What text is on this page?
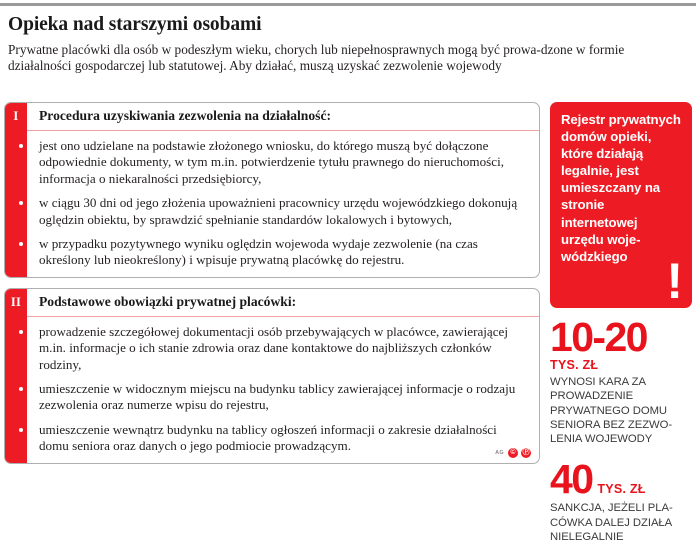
Opieka nad starszymi osobami

Prywatne placówki dla osób w podeszłym wieku, chorych lub niepełnosprawnych mogą być prowa-dzone w formie działalności gospodarczej lub statutowej. Aby działać, muszą uzyskać zezwolenie wojewody

I	Procedura uzyskiwania zezwolenia na działalność:
jest ono udzielane na podstawie złożonego wniosku, do którego muszą być dołączone odpowiednie dokumenty, w tym m.in. potwierdzenie tytułu prawnego do nieruchomości, informacja o niekaralności przedsiębiorcy,
w ciągu 30 dni od jego złożenia upoważnieni pracownicy urzędu wojewódzkiego dokonują oględzin obiektu, by sprawdzić spełnianie standardów lokalowych i bytowych,
w przypadku pozytywnego wyniku oględzin wojewoda wydaje zezwolenie (na czas określony lub nieokreślony) i wpisuje prywatną placówkę do rejestru.
II	Podstawowe obowiązki prywatnej placówki:
prowadzenie szczegółowej dokumentacji osób przebywających w placówce, zawierającej m.in. informacje o ich stanie zdrowia oraz dane kontaktowe do najbliższych członków rodziny,
umieszczenie w widocznym miejscu na budynku tablicy zawierającej informacje o rodzaju zezwolenia oraz numerze wpisu do rejestru,
umieszczenie wewnątrz budynku na tablicy ogłoszeń informacji o zakresie działalności domu seniora oraz danych o jego podmiocie prowadzącym.	AG © Ⓟ
Rejestr prywatnych domów opieki, które działają legalnie, jest umieszczany na stronie internetowej urzędu woje-wódzkiego !
10-20
TYS. ZŁ
WYNOSI KARA ZA PROWADZENIE PRYWATNEGO DOMU SENIORA BEZ ZEZWO-LENIA WOJEWODY
40 TYS. ZŁ
SANKCJA, JEŻELI PLA-CÓWKA DALEJ DZIAŁA NIELEGALNIE
